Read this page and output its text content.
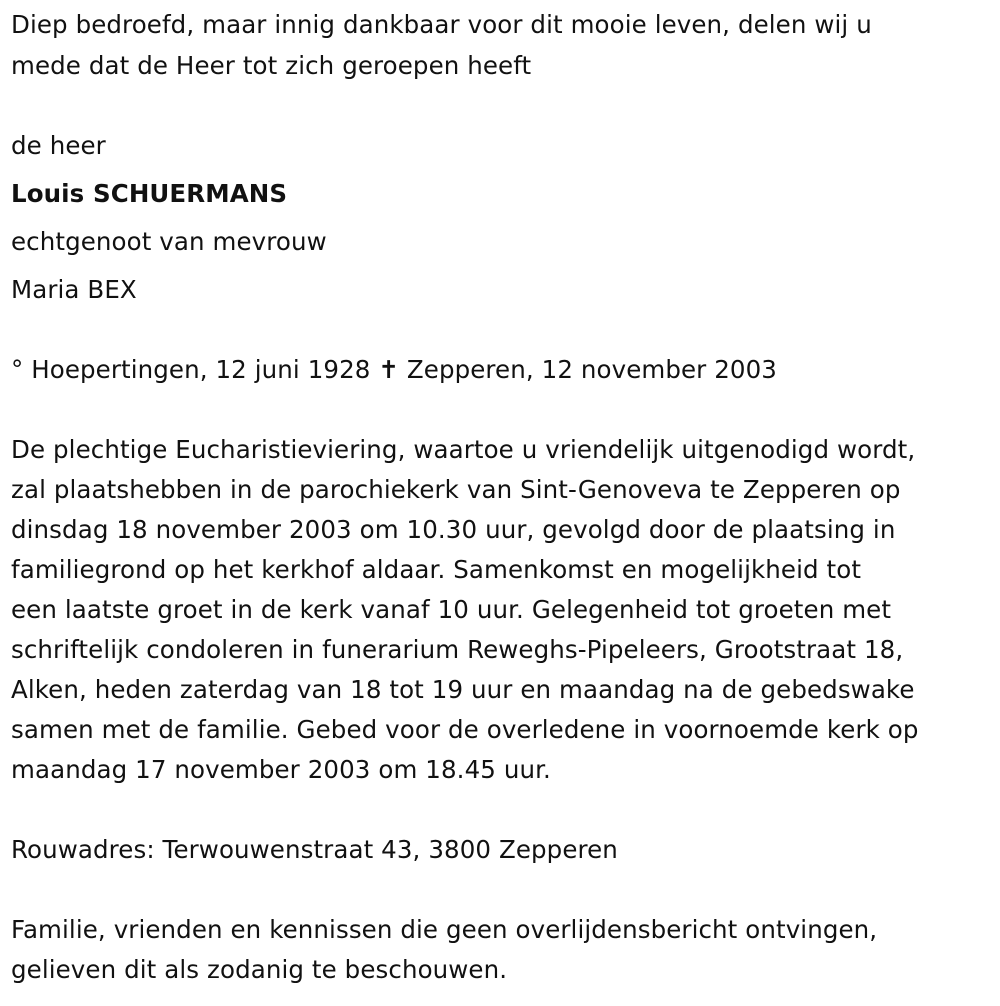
Diep bedroefd, maar innig dankbaar voor dit mooie leven, delen wij u
mede dat de Heer tot zich geroepen heeft
de heer
Louis SCHUERMANS
echtgenoot van mevrouw
Maria BEX
° Hoepertingen, 12 juni 1928 ✝ Zepperen, 12 november 2003
De plechtige Eucharistieviering, waartoe u vriendelijk uitgenodigd wordt,
zal plaatshebben in de parochiekerk van Sint-Genoveva te Zepperen op
dinsdag 18 november 2003 om 10.30 uur, gevolgd door de plaatsing in
familiegrond op het kerkhof aldaar. Samenkomst en mogelijkheid tot
een laatste groet in de kerk vanaf 10 uur. Gelegenheid tot groeten met
schriftelijk condoleren in funerarium Reweghs-Pipeleers, Grootstraat 18,
Alken, heden zaterdag van 18 tot 19 uur en maandag na de gebedswake
samen met de familie. Gebed voor de overledene in voornoemde kerk op
maandag 17 november 2003 om 18.45 uur.
Rouwadres: Terwouwenstraat 43, 3800 Zepperen
Familie, vrienden en kennissen die geen overlijdensbericht ontvingen,
gelieven dit als zodanig te beschouwen.
